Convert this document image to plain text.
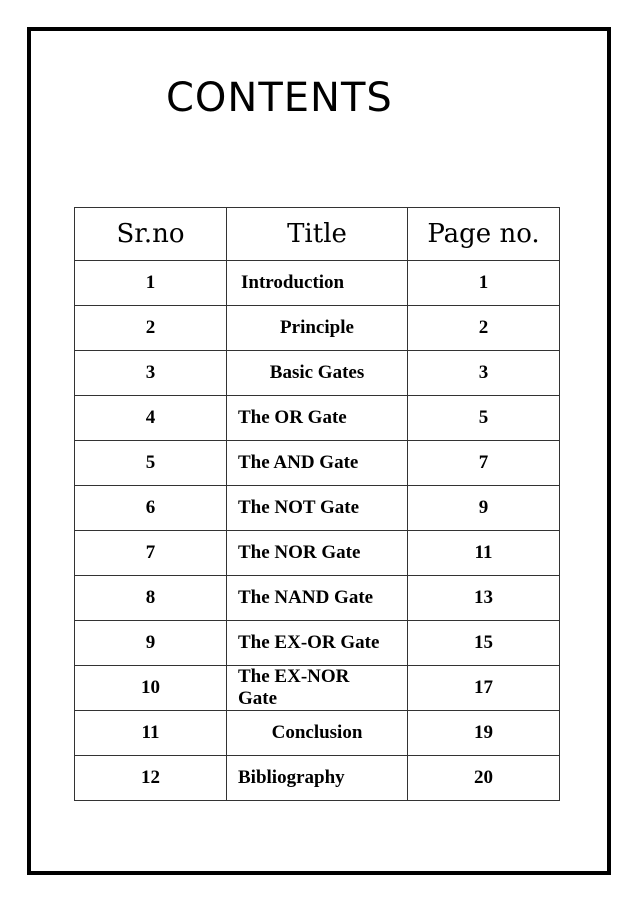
CONTENTS
Sr.no	Title	Page no.
1	Introduction	1
2	Principle	2
3	Basic Gates	3
4	The OR Gate	5
5	The AND Gate	7
6	The NOT Gate	9
7	The NOR Gate	11
8	The NAND Gate	13
9	The EX-OR Gate	15
10	The EX-NOR Gate	17
11	Conclusion	19
12	Bibliography	20
